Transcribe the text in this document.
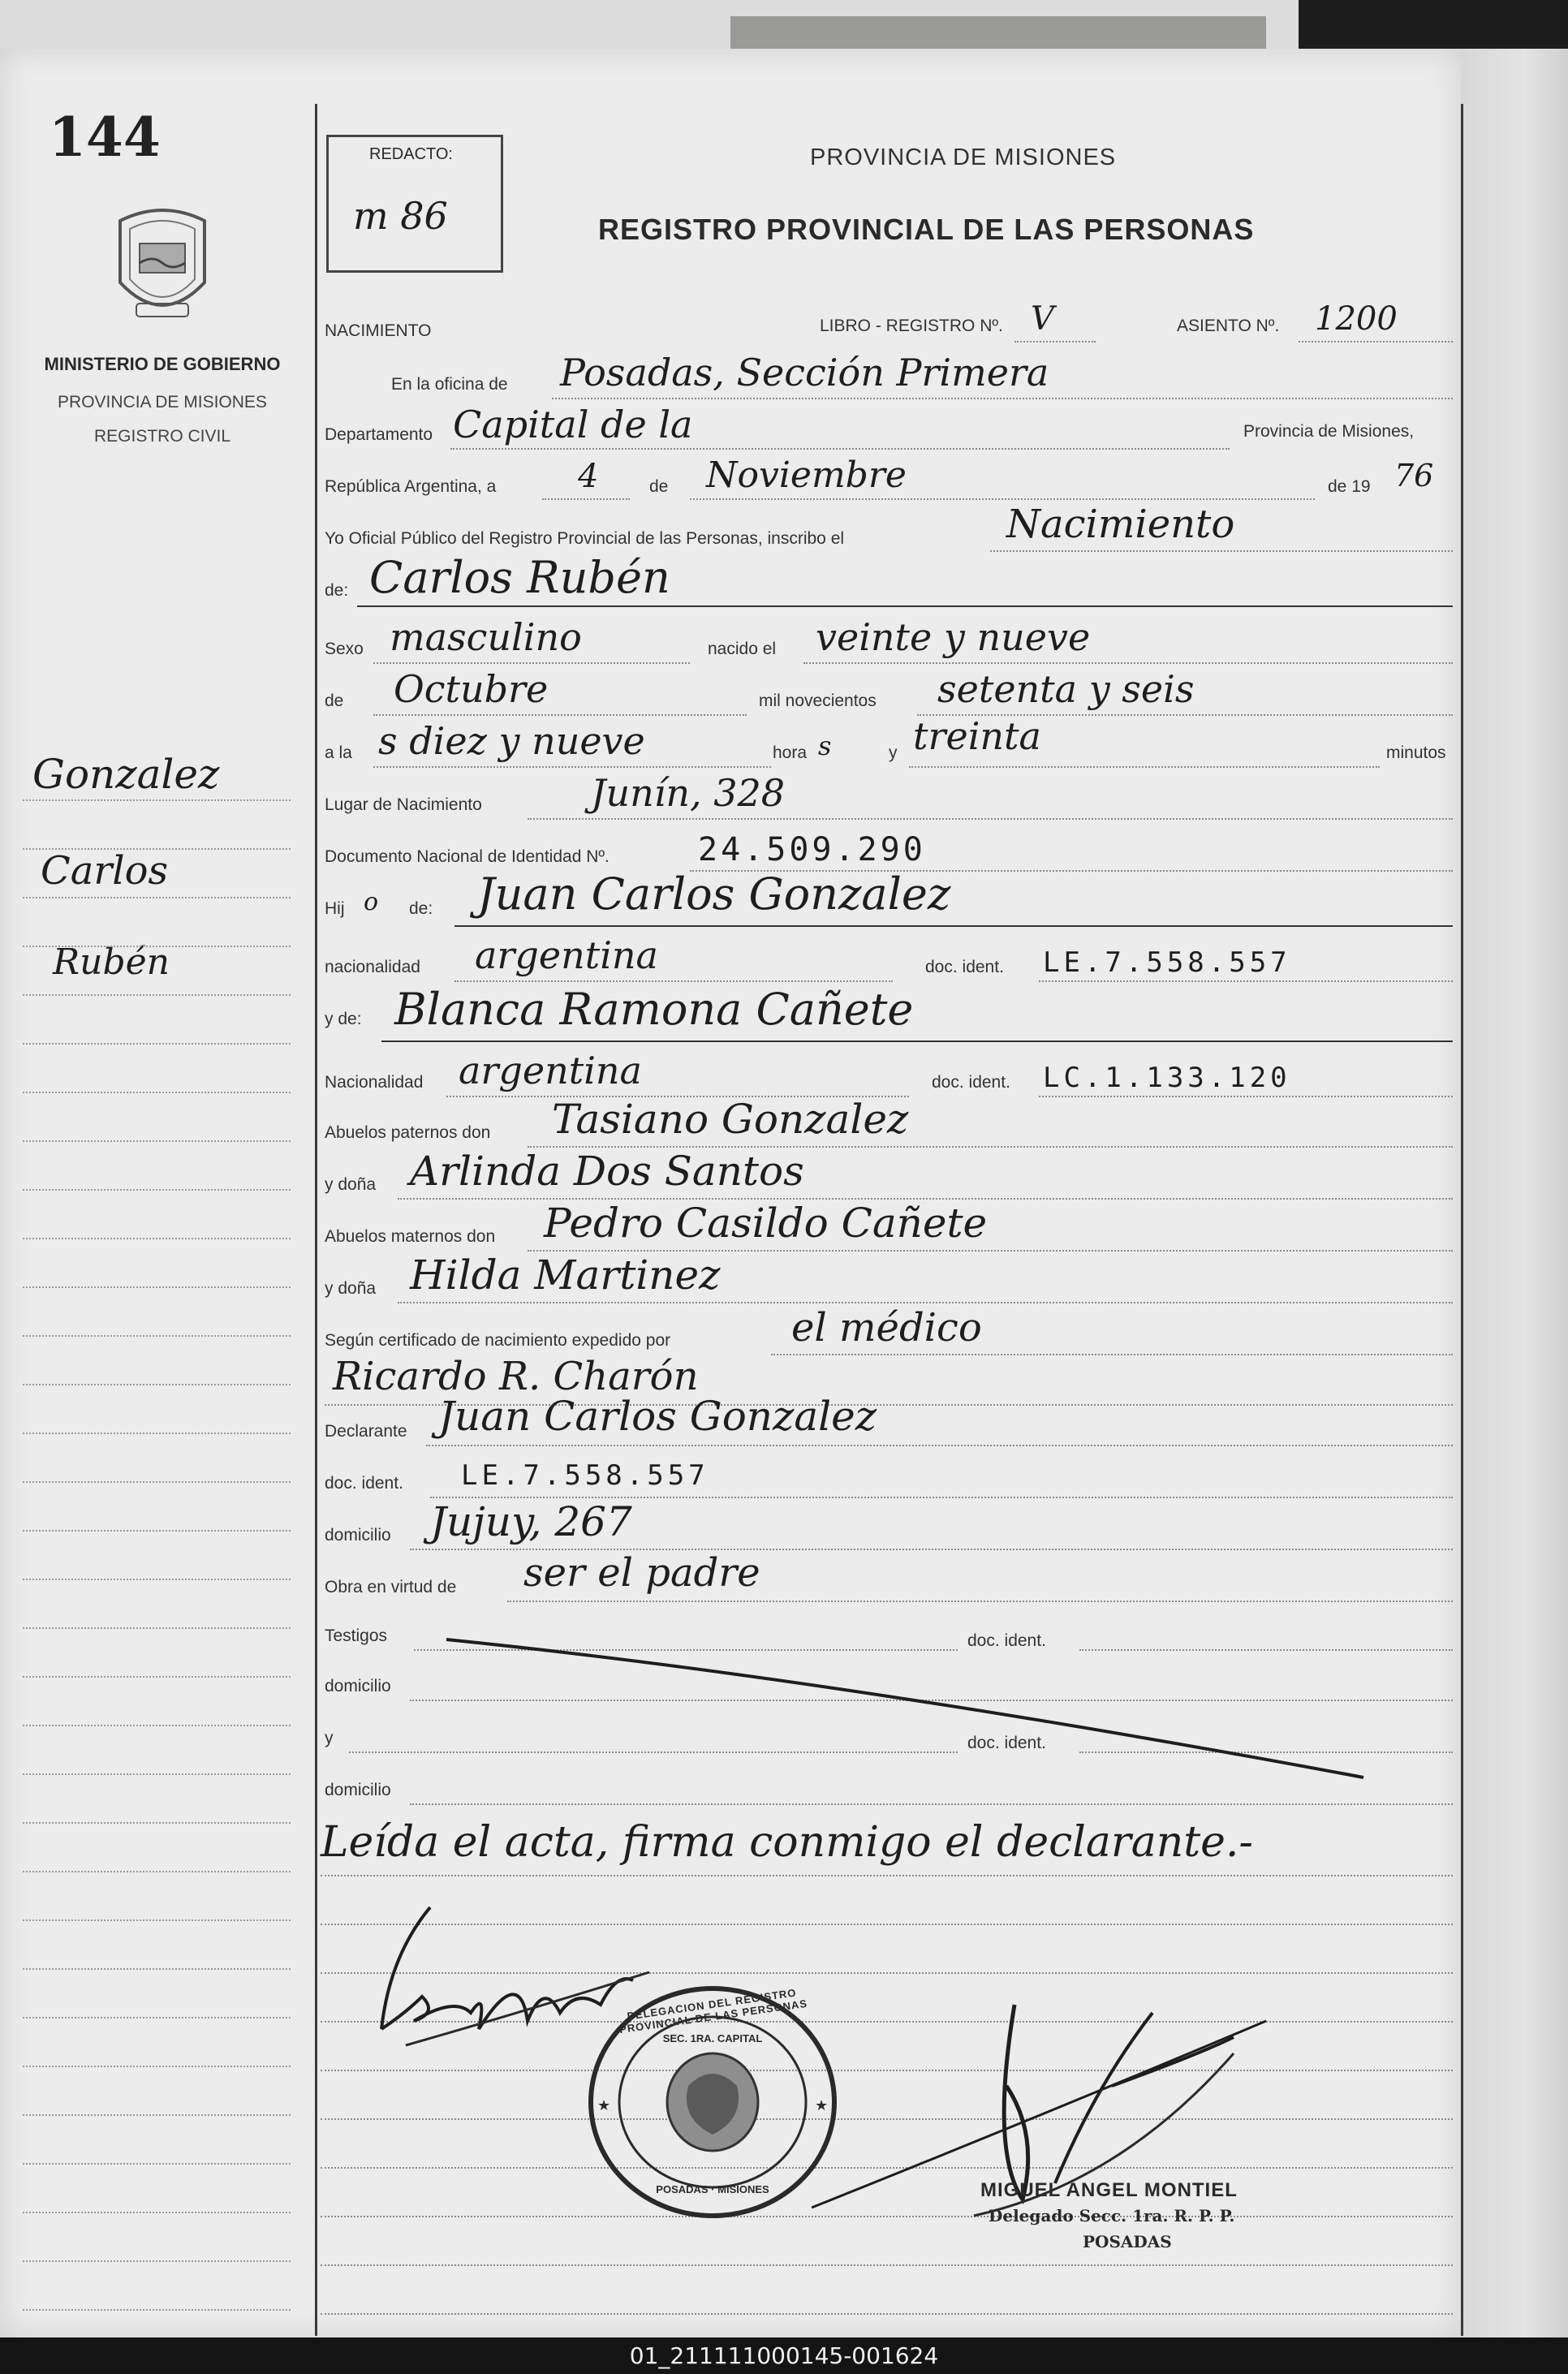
144
MINISTERIO DE GOBIERNO
PROVINCIA DE MISIONES
REGISTRO CIVIL
Gonzalez
Carlos
Rubén
REDACTO:
m 86
PROVINCIA DE MISIONES
REGISTRO PROVINCIAL DE LAS PERSONAS
NACIMIENTO	LIBRO - REGISTRO Nº. V	ASIENTO Nº. 1200
En la oficina de Posadas, Sección Primera
Departamento Capital de la	Provincia de Misiones,
República Argentina, a	4	de Noviembre	de 19 76
Yo Oficial Público del Registro Provincial de las Personas, inscribo el	Nacimiento
de: Carlos Rubén
Sexo masculino	nacido el veinte y nueve
de Octubre	mil novecientos setenta y seis
a la s diez y nueve	hora s	y treinta	minutos
Lugar de Nacimiento	Junín, 328
Documento Nacional de Identidad Nº.	24.509.290
Hij o de: Juan Carlos Gonzalez
nacionalidad argentina	doc. ident. LE.7.558.557
y de: Blanca Ramona Cañete
Nacionalidad argentina	doc. ident. LC.1.133.120
Abuelos paternos don Tasiano Gonzalez
y doña Arlinda Dos Santos
Abuelos maternos don Pedro Casildo Cañete
y doña Hilda Martinez
Según certificado de nacimiento expedido por	el médico
Ricardo R. Charón
Declarante Juan Carlos Gonzalez
doc. ident. LE.7.558.557
domicilio Jujuy, 267
Obra en virtud de ser el padre
Testigos	doc. ident.
domicilio
y	doc. ident.
domicilio
Leída el acta, firma conmigo el declarante.-
★	★
DELEGACION DEL REGISTRO PROVINCIAL DE LAS PERSONAS
SEC. 1RA. CAPITAL
POSADAS · MISIONES	MIGUEL ANGEL MONTIEL
Delegado Secc. 1ra. R. P. P.
POSADAS
01_211111000145-001624
